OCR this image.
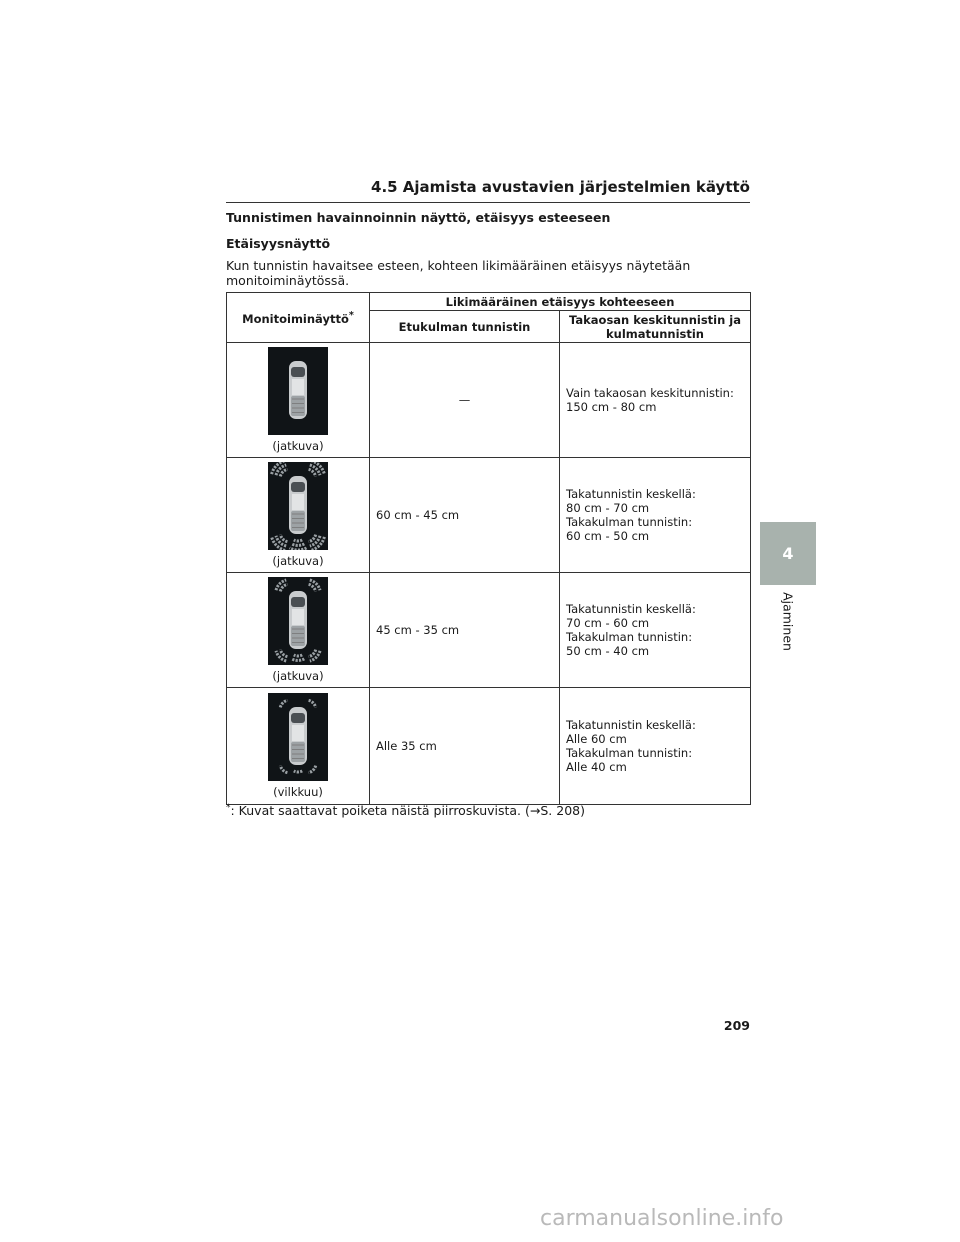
4.5 Ajamista avustavien järjestelmien käyttö
Tunnistimen havainnoinnin näyttö, etäisyys esteeseen
Etäisyysnäyttö
Kun tunnistin havaitsee esteen, kohteen likimääräinen etäisyys näytetään
monitoiminäytössä.
Monitoiminäyttö*	Likimääräinen etäisyys kohteeseen	
	Etukulman tunnistin	Takaosan keskitunnistin ja
kulmatunnistin

(jatkuva)	—	Vain takaosan keskitunnistin:
150 cm - 80 cm

(jatkuva)	60 cm - 45 cm	Takatunnistin keskellä:
80 cm - 70 cm
Takakulman tunnistin:
60 cm - 50 cm

(jatkuva)	45 cm - 35 cm	Takatunnistin keskellä:
70 cm - 60 cm
Takakulman tunnistin:
50 cm - 40 cm

(vilkkuu)	Alle 35 cm	Takatunnistin keskellä:
Alle 60 cm
Takakulman tunnistin:
Alle 40 cm
*: Kuvat saattavat poiketa näistä piirroskuvista. (→S. 208)
4
Ajaminen
209
carmanualsonline.info
